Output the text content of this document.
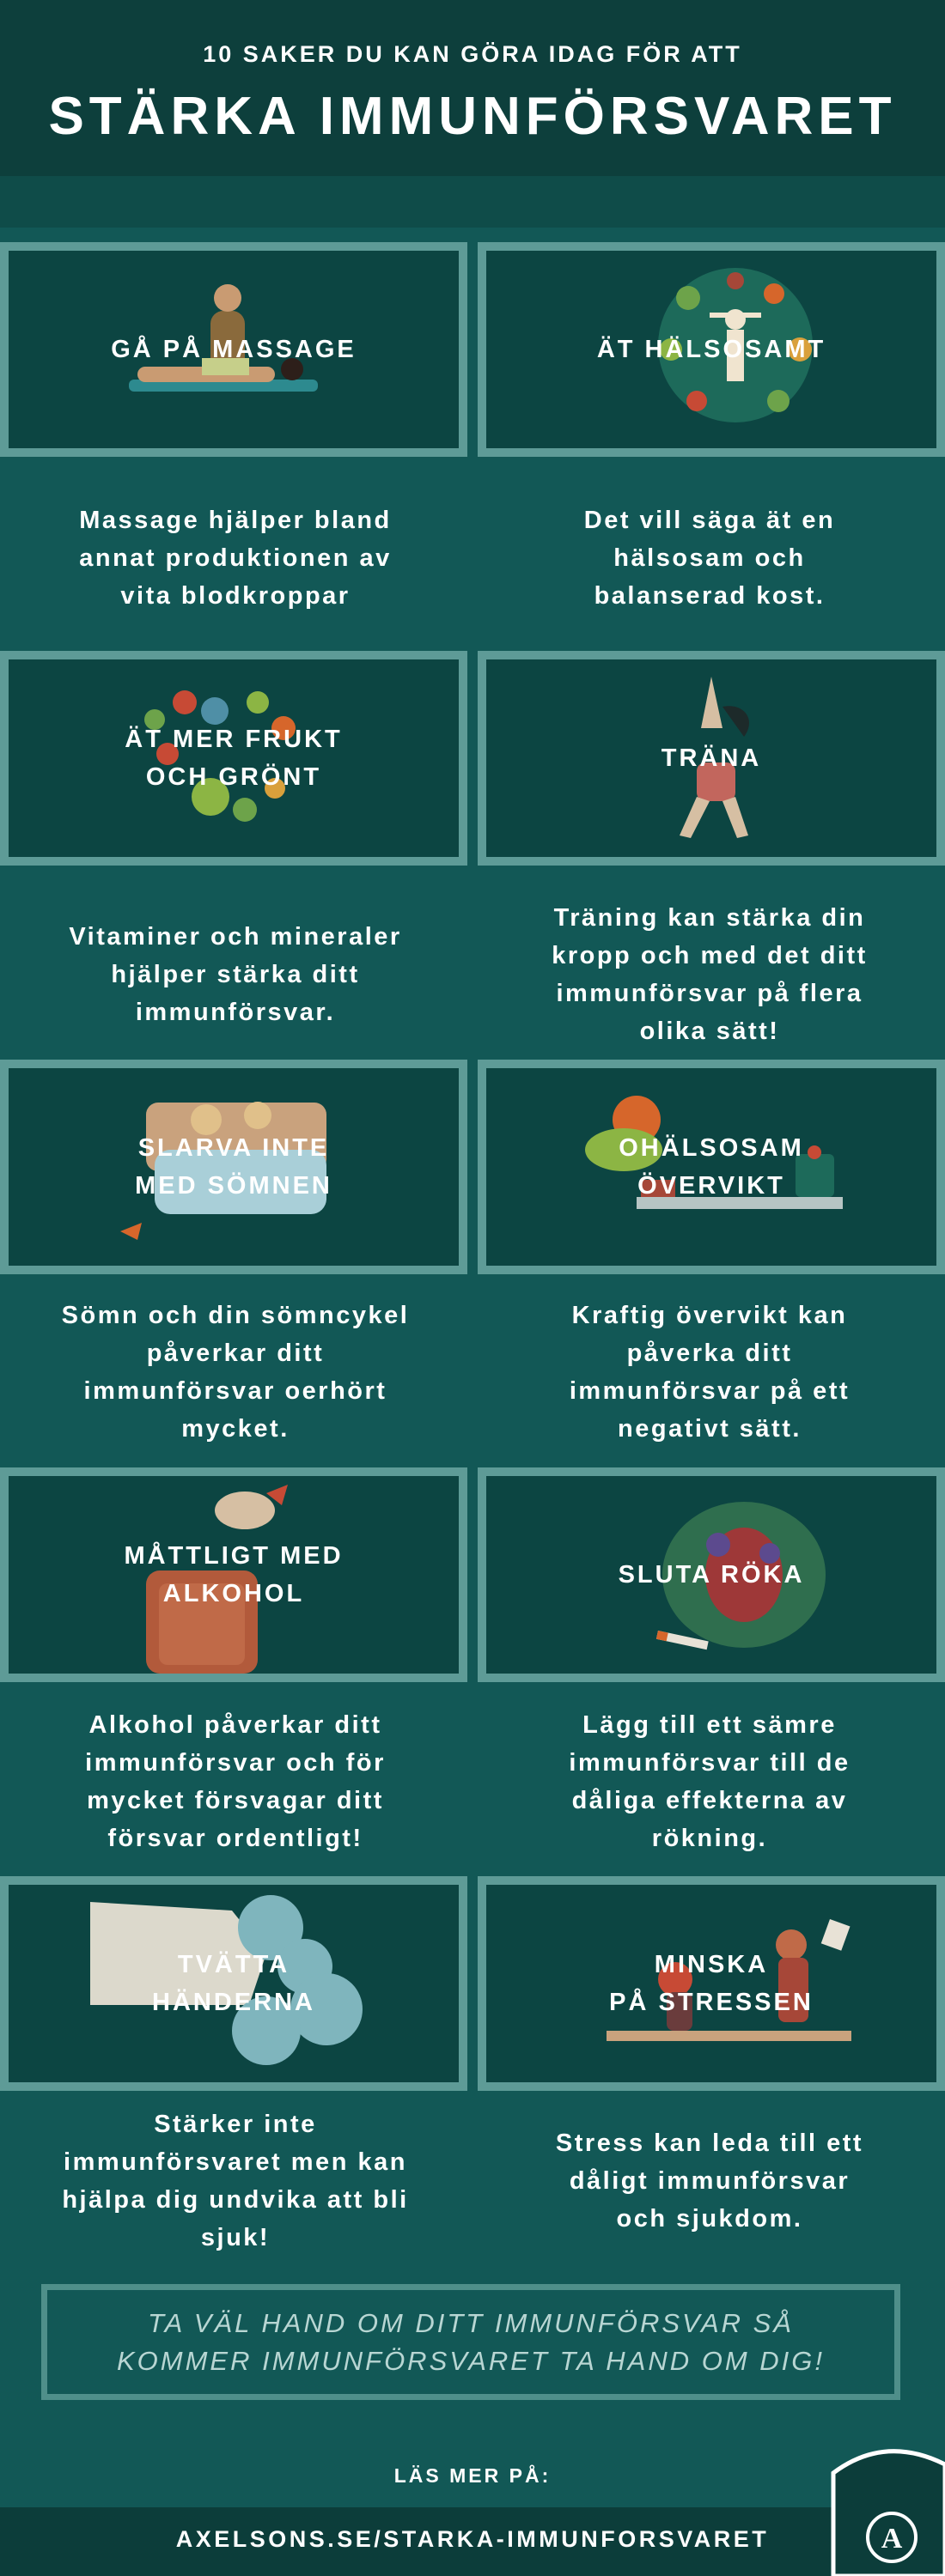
10 SAKER DU KAN GÖRA IDAG FÖR ATT
STÄRKA IMMUNFÖRSVARET
GÅ PÅ MASSAGE	ÄT HÄLSOSAMT
Massage hjälper bland
annat produktionen av
vita blodkroppar
Det vill säga ät en
hälsosam och
balanserad kost.
ÄT MER FRUKT
OCH GRÖNT
TRÄNA
Vitaminer och mineraler
hjälper stärka ditt
immunförsvar.
Träning kan stärka din
kropp och med det ditt
immunförsvar på flera
olika sätt!
SLARVA INTE
MED SÖMNEN
OHÄLSOSAM
ÖVERVIKT
Sömn och din sömncykel
påverkar ditt
immunförsvar oerhört
mycket.
Kraftig övervikt kan
påverka ditt
immunförsvar på ett
negativt sätt.
MÅTTLIGT MED
ALKOHOL
SLUTA RÖKA
Alkohol påverkar ditt
immunförsvar och för
mycket försvagar ditt
försvar ordentligt!
Lägg till ett sämre
immunförsvar till de
dåliga effekterna av
rökning.
TVÄTTA
HÄNDERNA
MINSKA
PÅ STRESSEN
Stärker inte
immunförsvaret men kan
hjälpa dig undvika att bli
sjuk!
Stress kan leda till ett
dåligt immunförsvar
och sjukdom.
TA VÄL HAND OM DITT IMMUNFÖRSVAR SÅ
KOMMER IMMUNFÖRSVARET TA HAND OM DIG!
LÄS MER PÅ:
AXELSONS.SE/STARKA-IMMUNFORSVARET	A
